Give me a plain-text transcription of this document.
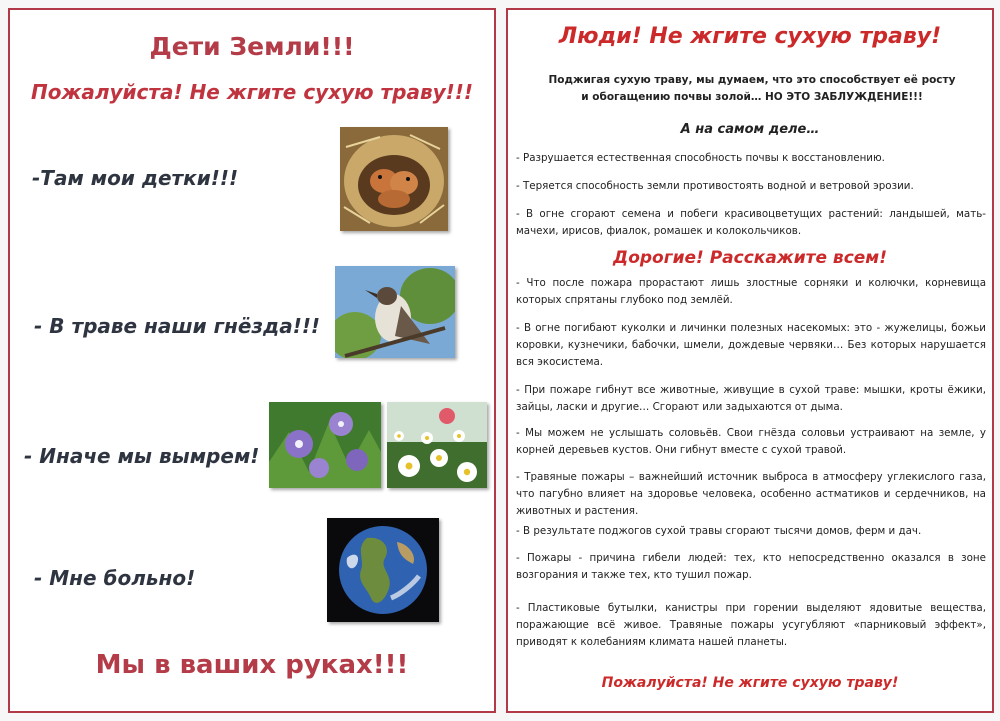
Дети Земли!!!
Пожалуйста! Не жгите сухую траву!!!
-Там мои детки!!!
- В траве наши гнёзда!!!
- Иначе мы вымрем!
- Мне больно!
Мы в ваших руках!!!
Люди! Не жгите сухую траву!
Поджигая сухую траву, мы думаем, что это способствует её росту
и обогащению почвы золой… НО ЭТО ЗАБЛУЖДЕНИЕ!!!
А на самом деле…
- Разрушается естественная способность почвы к восстановлению.
- Теряется способность земли противостоять водной и ветровой эрозии.
- В огне сгорают семена и побеги красивоцветущих растений: ландышей, мать-мачехи, ирисов, фиалок, ромашек и колокольчиков.
Дорогие! Расскажите всем!
- Что после пожара прорастают лишь злостные сорняки и колючки, корневища которых спрятаны глубоко под землёй.
- В огне погибают куколки и личинки полезных насекомых: это - жужелицы, божьи коровки, кузнечики, бабочки, шмели, дождевые червяки… Без которых нарушается вся экосистема.
- При пожаре гибнут все животные, живущие в сухой траве: мышки, кроты ёжики, зайцы, ласки и другие… Сгорают или задыхаются от дыма.
- Мы можем не услышать соловьёв. Свои гнёзда соловьи устраивают на земле, у корней деревьев кустов. Они гибнут вместе с сухой травой.
- Травяные пожары – важнейший источник выброса в атмосферу углекислого газа, что пагубно влияет на здоровье человека, особенно астматиков и сердечников, на животных и растения.
- В результате поджогов сухой травы сгорают тысячи домов, ферм и дач.
- Пожары - причина гибели людей: тех, кто непосредственно оказался в зоне возгорания и также тех, кто тушил пожар.
- Пластиковые бутылки, канистры при горении выделяют ядовитые вещества, поражающие всё живое. Травяные пожары усугубляют «парниковый эффект», приводят к колебаниям климата нашей планеты.
Пожалуйста! Не жгите сухую траву!
